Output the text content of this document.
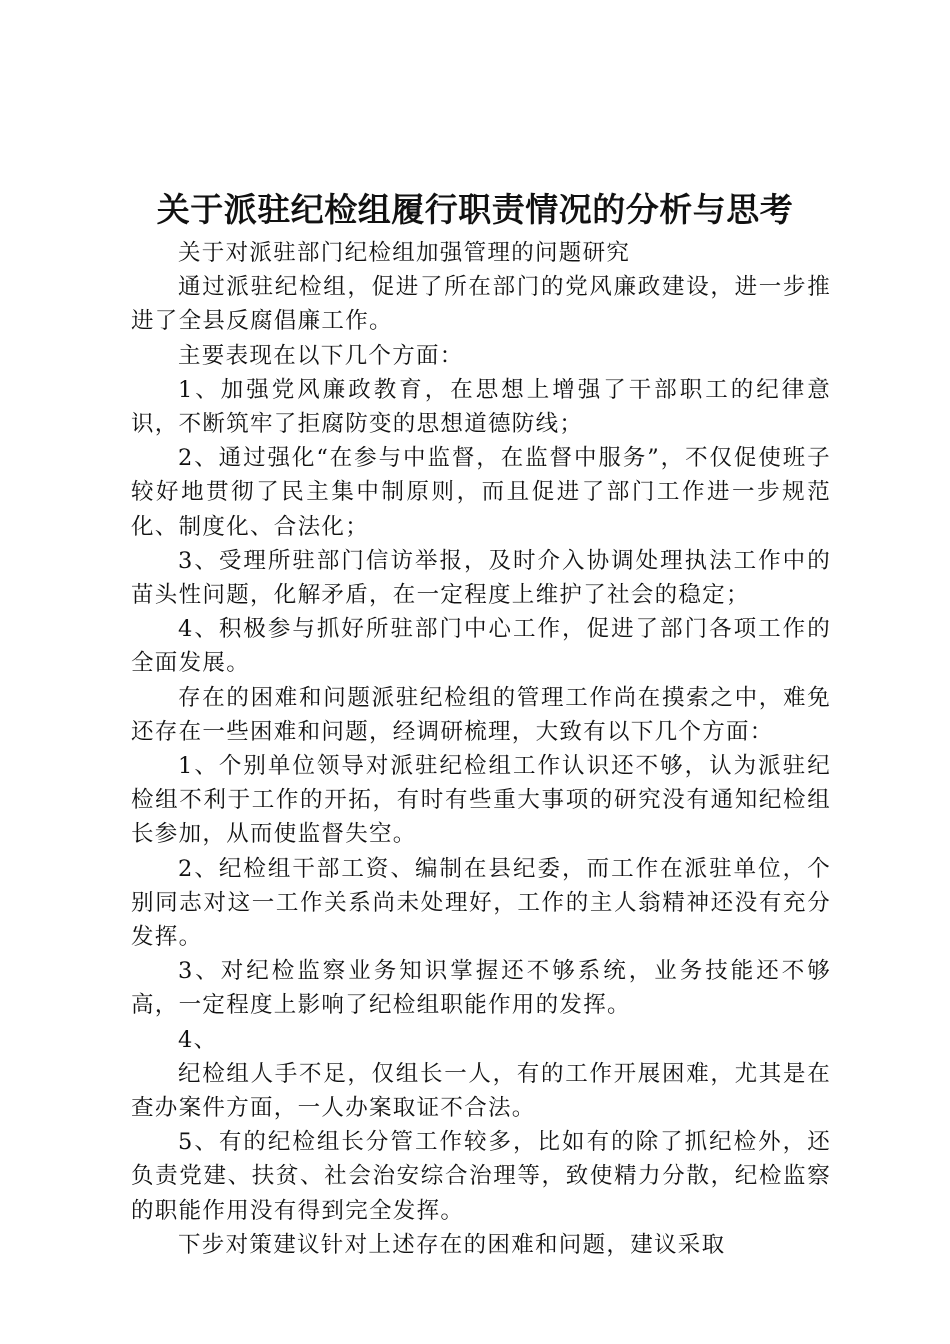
关于派驻纪检组履行职责情况的分析与思考

关于对派驻部门纪检组加强管理的问题研究

通过派驻纪检组，促进了所在部门的党风廉政建设，进一步推进了全县反腐倡廉工作。

主要表现在以下几个方面：

1、加强党风廉政教育，在思想上增强了干部职工的纪律意识，不断筑牢了拒腐防变的思想道德防线；

2、通过强化“在参与中监督，在监督中服务”，不仅促使班子较好地贯彻了民主集中制原则，而且促进了部门工作进一步规范化、制度化、合法化；

3、受理所驻部门信访举报，及时介入协调处理执法工作中的苗头性问题，化解矛盾，在一定程度上维护了社会的稳定；

4、积极参与抓好所驻部门中心工作，促进了部门各项工作的全面发展。

存在的困难和问题派驻纪检组的管理工作尚在摸索之中，难免还存在一些困难和问题，经调研梳理，大致有以下几个方面：

1、个别单位领导对派驻纪检组工作认识还不够，认为派驻纪检组不利于工作的开拓，有时有些重大事项的研究没有通知纪检组长参加，从而使监督失空。

2、纪检组干部工资、编制在县纪委，而工作在派驻单位，个别同志对这一工作关系尚未处理好，工作的主人翁精神还没有充分发挥。

3、对纪检监察业务知识掌握还不够系统，业务技能还不够高，一定程度上影响了纪检组职能作用的发挥。

4、

纪检组人手不足，仅组长一人，有的工作开展困难，尤其是在查办案件方面，一人办案取证不合法。

5、有的纪检组长分管工作较多，比如有的除了抓纪检外，还负责党建、扶贫、社会治安综合治理等，致使精力分散，纪检监察的职能作用没有得到完全发挥。

下步对策建议针对上述存在的困难和问题，建议采取
